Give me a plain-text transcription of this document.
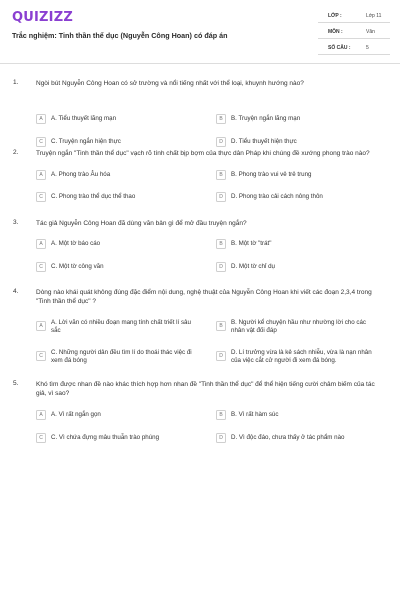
QUIZIZZ
Trắc nghiệm: Tinh thần thể dục (Nguyễn Công Hoan) có đáp án
LỚP :	Lớp 11
MÔN :	Văn
SỐ CÂU :	5
1.	Ngòi bút Nguyễn Công Hoan có sở trường và nổi tiếng nhất với thể loại, khuynh hướng nào?
A	A. Tiểu thuyết lãng mạn	B	B. Truyện ngắn lãng mạn
C	C. Truyện ngắn hiện thực	D	D. Tiểu thuyết hiện thực
2.	Truyện ngắn "Tinh thần thể dục" vạch rõ tính chất bịp bợm của thực dân Pháp khi chúng đề xướng phong trào nào?
A	A. Phong trào Âu hóa	B	B. Phong trào vui vẻ trẻ trung
C	C. Phong trào thể dục thể thao	D	D. Phong trào cải cách nông thôn
3.	Tác giả Nguyễn Công Hoan đã dùng văn bản gì để mở đầu truyện ngắn?
A	A. Một tờ báo cáo	B	B. Một tờ "trát"
C	C. Một tờ công văn	D	D. Một tờ chỉ dụ
4.	Dòng nào khái quát không đúng đặc điểm nội dung, nghệ thuật của Nguyễn Công Hoan khi viết các đoạn 2,3,4 trong "Tinh thần thể dục" ?
A	A. Lời văn có nhiều đoạn mang tính chất triết lí sâu sắc
B	B. Người kể chuyện hầu như nhường lời cho các nhân vật đối đáp
C	C. Những người dân đều tìm lí do thoái thác việc đi xem đá bóng
D	D. Lí trưởng vừa là kẻ sách nhiễu, vừa là nạn nhân của việc cắt cử người đi xem đá bóng.
5.	Khó tìm được nhan đề nào khác thích hợp hơn nhan đề "Tinh thần thể dục" để thể hiện tiếng cười châm biếm của tác giả, vì sao?
A	A. Vì rất ngắn gọn	B	B. Vì rất hàm súc
C	C. Vì chứa đựng mâu thuẫn trào phúng	D	D. Vì độc đáo, chưa thấy ở tác phẩm nào
